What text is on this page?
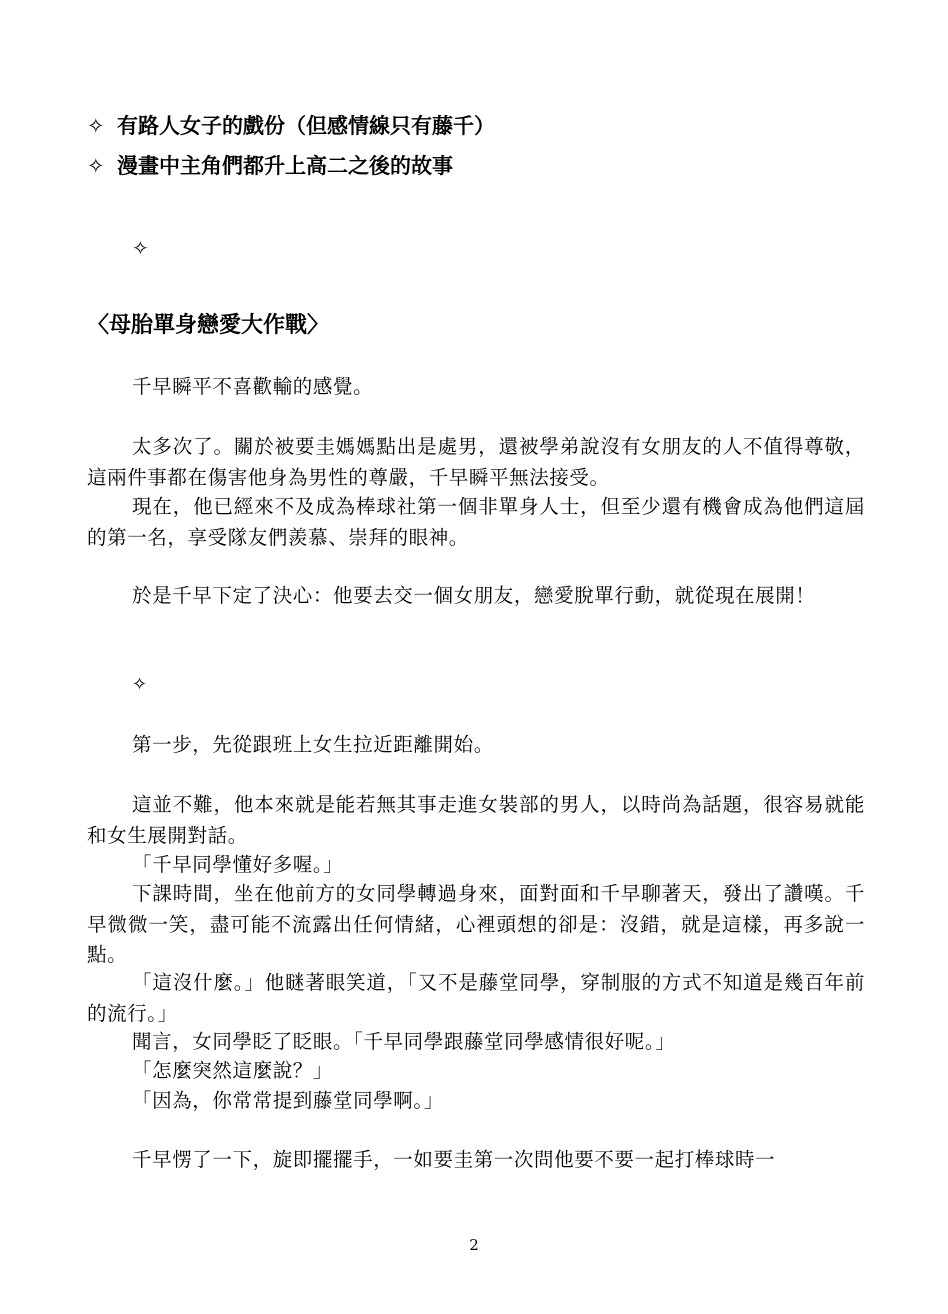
✧ 有路人女子的戲份（但感情線只有藤千）
✧ 漫畫中主角們都升上高二之後的故事
✧
〈母胎單身戀愛大作戰〉
千早瞬平不喜歡輸的感覺。
太多次了。關於被要圭媽媽點出是處男，還被學弟說沒有女朋友的人不值得尊敬，這兩件事都在傷害他身為男性的尊嚴，千早瞬平無法接受。
現在，他已經來不及成為棒球社第一個非單身人士，但至少還有機會成為他們這屆的第一名，享受隊友們羨慕、崇拜的眼神。
於是千早下定了決心：他要去交一個女朋友，戀愛脫單行動，就從現在展開！
✧
第一步，先從跟班上女生拉近距離開始。
這並不難，他本來就是能若無其事走進女裝部的男人，以時尚為話題，很容易就能和女生展開對話。
「千早同學懂好多喔。」
下課時間，坐在他前方的女同學轉過身來，面對面和千早聊著天，發出了讚嘆。千早微微一笑，盡可能不流露出任何情緒，心裡頭想的卻是：沒錯，就是這樣，再多說一點。
「這沒什麼。」他瞇著眼笑道，「又不是藤堂同學，穿制服的方式不知道是幾百年前的流行。」
聞言，女同學眨了眨眼。「千早同學跟藤堂同學感情很好呢。」
「怎麼突然這麼說？」
「因為，你常常提到藤堂同學啊。」
千早愣了一下，旋即擺擺手，一如要圭第一次問他要不要一起打棒球時一
2
